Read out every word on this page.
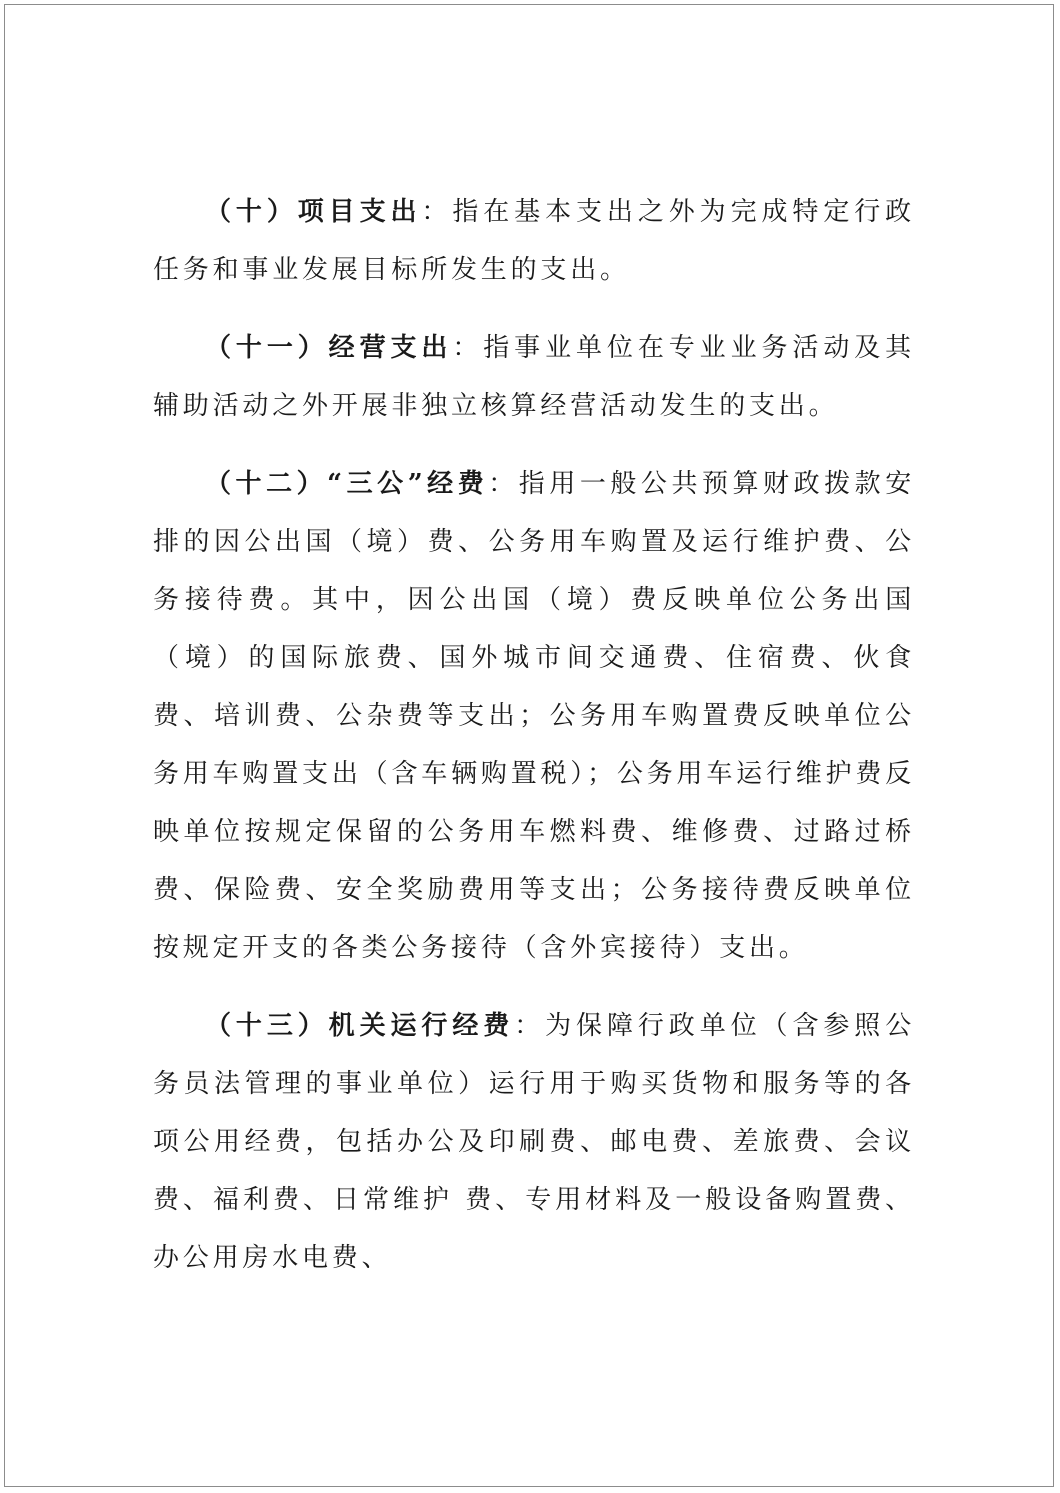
（十）项目支出：指在基本支出之外为完成特定行政任务和事业发展目标所发生的支出。

（十一）经营支出：指事业单位在专业业务活动及其辅助活动之外开展非独立核算经营活动发生的支出。

（十二）“三公”经费：指用一般公共预算财政拨款安排的因公出国（境）费、公务用车购置及运行维护费、公务接待费。其中，因公出国（境）费反映单位公务出国（境）的国际旅费、国外城市间交通费、住宿费、伙食费、培训费、公杂费等支出；公务用车购置费反映单位公务用车购置支出（含车辆购置税）；公务用车运行维护费反映单位按规定保留的公务用车燃料费、维修费、过路过桥费、保险费、安全奖励费用等支出；公务接待费反映单位按规定开支的各类公务接待（含外宾接待）支出。

（十三）机关运行经费：为保障行政单位（含参照公务员法管理的事业单位）运行用于购买货物和服务等的各项公用经费，包括办公及印刷费、邮电费、差旅费、会议费、福利费、日常维护 费、专用材料及一般设备购置费、办公用房水电费、
